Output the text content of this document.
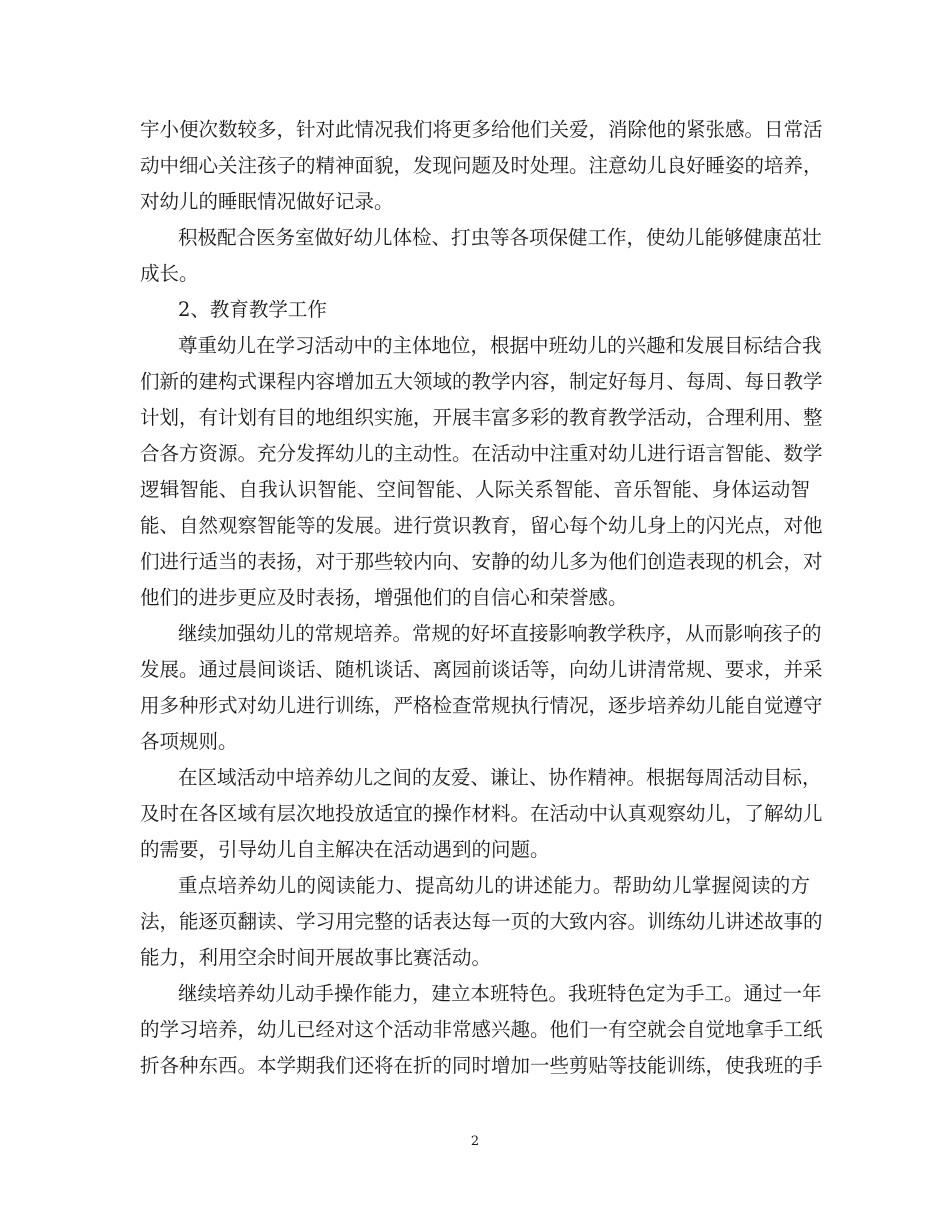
宇小便次数较多，针对此情况我们将更多给他们关爱，消除他的紧张感。日常活
动中细心关注孩子的精神面貌，发现问题及时处理。注意幼儿良好睡姿的培养，
对幼儿的睡眠情况做好记录。
积极配合医务室做好幼儿体检、打虫等各项保健工作，使幼儿能够健康茁壮
成长。
2、教育教学工作
尊重幼儿在学习活动中的主体地位，根据中班幼儿的兴趣和发展目标结合我
们新的建构式课程内容增加五大领域的教学内容，制定好每月、每周、每日教学
计划，有计划有目的地组织实施，开展丰富多彩的教育教学活动，合理利用、整
合各方资源。充分发挥幼儿的主动性。在活动中注重对幼儿进行语言智能、数学
逻辑智能、自我认识智能、空间智能、人际关系智能、音乐智能、身体运动智
能、自然观察智能等的发展。进行赏识教育，留心每个幼儿身上的闪光点，对他
们进行适当的表扬，对于那些较内向、安静的幼儿多为他们创造表现的机会，对
他们的进步更应及时表扬，增强他们的自信心和荣誉感。
继续加强幼儿的常规培养。常规的好坏直接影响教学秩序，从而影响孩子的
发展。通过晨间谈话、随机谈话、离园前谈话等，向幼儿讲清常规、要求，并采
用多种形式对幼儿进行训练，严格检查常规执行情况，逐步培养幼儿能自觉遵守
各项规则。
在区域活动中培养幼儿之间的友爱、谦让、协作精神。根据每周活动目标，
及时在各区域有层次地投放适宜的操作材料。在活动中认真观察幼儿，了解幼儿
的需要，引导幼儿自主解决在活动遇到的问题。
重点培养幼儿的阅读能力、提高幼儿的讲述能力。帮助幼儿掌握阅读的方
法，能逐页翻读、学习用完整的话表达每一页的大致内容。训练幼儿讲述故事的
能力，利用空余时间开展故事比赛活动。
继续培养幼儿动手操作能力，建立本班特色。我班特色定为手工。通过一年
的学习培养，幼儿已经对这个活动非常感兴趣。他们一有空就会自觉地拿手工纸
折各种东西。本学期我们还将在折的同时增加一些剪贴等技能训练，使我班的手
2
